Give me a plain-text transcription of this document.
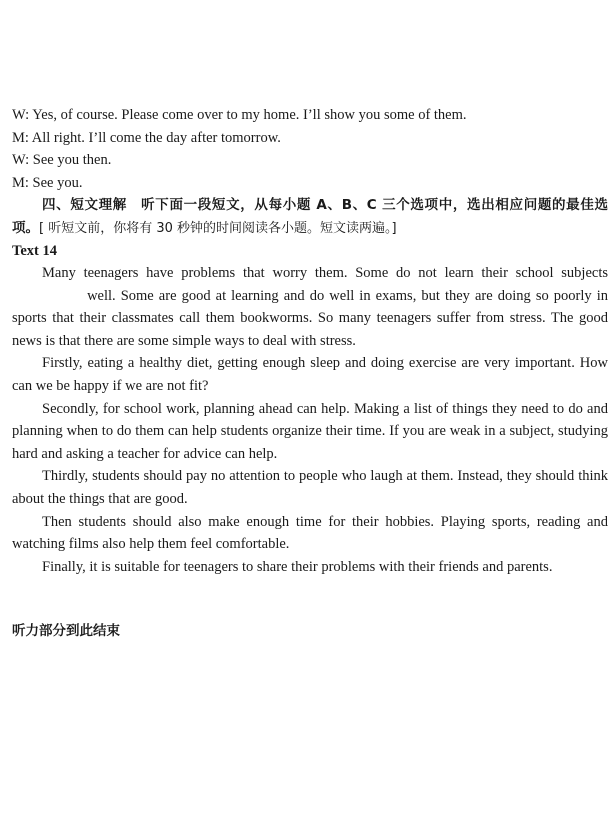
W: Yes, of course. Please come over to my home. I’ll show you some of them.
M: All right. I’ll come the day after tomorrow.
W: See you then.
M: See you.
四、短文理解　听下面一段短文，从每小题 A、B、C 三个选项中，选出相应问题的最佳选项。[ 听短文前，你将有 30 秒钟的时间阅读各小题。短文读两遍。]
Text 14
Many teenagers have problems that worry them. Some do not learn their school subjects  well. Some are good at learning and do well in exams, but they are doing so poorly in sports that their classmates call them bookworms. So many teenagers suffer from stress. The good news is that there are some simple ways to deal with stress.
Firstly, eating a healthy diet, getting enough sleep and doing exercise are very important. How can we be happy if we are not fit?
Secondly, for school work, planning ahead can help. Making a list of things they need to do and planning when to do them can help students organize their time. If you are weak in a subject, studying hard and asking a teacher for advice can help.
Thirdly, students should pay no attention to people who laugh at them. Instead, they should think about the things that are good.
Then students should also make enough time for their hobbies. Playing sports, reading and watching films also help them feel comfortable.
Finally, it is suitable for teenagers to share their problems with their friends and parents.
听力部分到此结束
